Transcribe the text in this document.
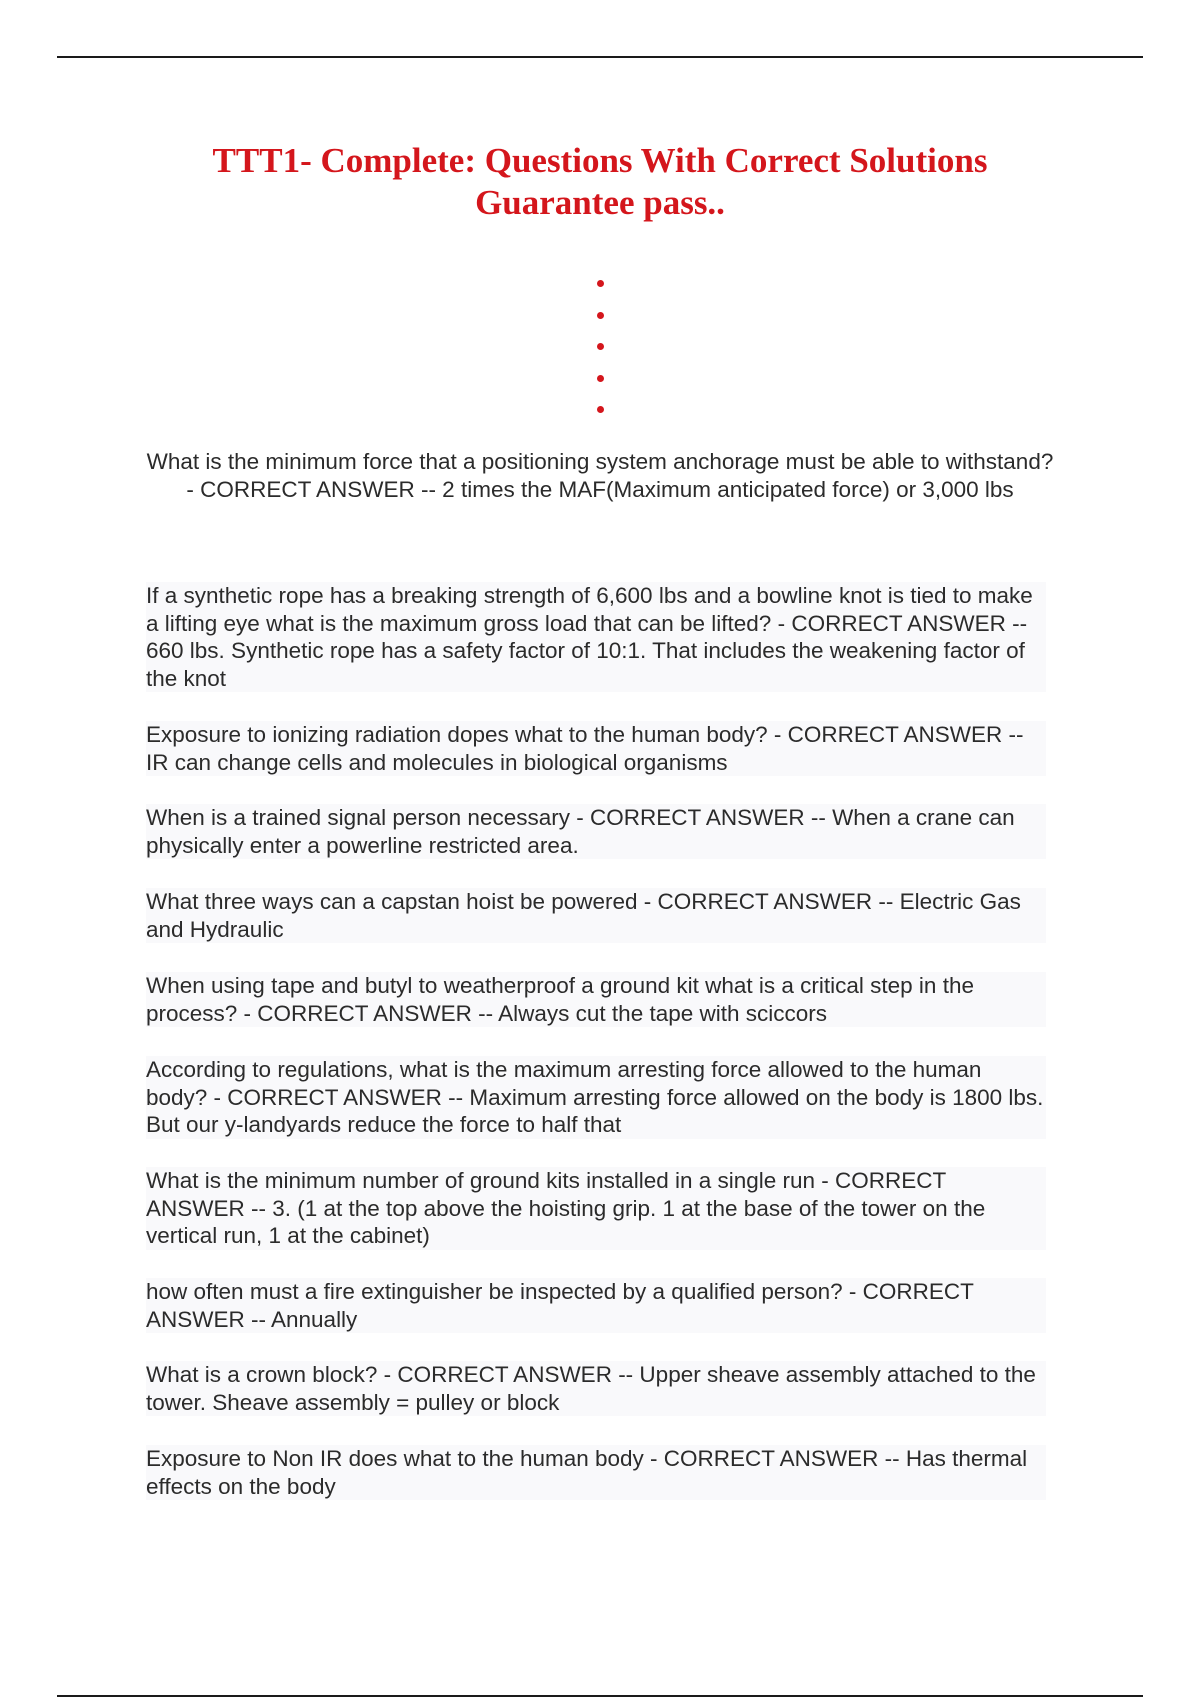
TTT1- Complete: Questions With Correct Solutions
Guarantee pass..

What is the minimum force that a positioning system anchorage must be able to withstand? - CORRECT ANSWER -- 2 times the MAF(Maximum anticipated force) or 3,000 lbs

If a synthetic rope has a breaking strength of 6,600 lbs and a bowline knot is tied to make a lifting eye what is the maximum gross load that can be lifted? - CORRECT ANSWER -- 660 lbs. Synthetic rope has a safety factor of 10:1. That includes the weakening factor of the knot

Exposure to ionizing radiation dopes what to the human body? - CORRECT ANSWER -- IR can change cells and molecules in biological organisms

When is a trained signal person necessary - CORRECT ANSWER -- When a crane can physically enter a powerline restricted area.

What three ways can a capstan hoist be powered - CORRECT ANSWER -- Electric Gas and Hydraulic

When using tape and butyl to weatherproof a ground kit what is a critical step in the process? - CORRECT ANSWER -- Always cut the tape with sciccors

According to regulations, what is the maximum arresting force allowed to the human body? - CORRECT ANSWER -- Maximum arresting force allowed on the body is 1800 lbs. But our y-landyards reduce the force to half that

What is the minimum number of ground kits installed in a single run - CORRECT ANSWER -- 3. (1 at the top above the hoisting grip. 1 at the base of the tower on the vertical run, 1 at the cabinet)

how often must a fire extinguisher be inspected by a qualified person? - CORRECT ANSWER -- Annually

What is a crown block? - CORRECT ANSWER -- Upper sheave assembly attached to the tower. Sheave assembly = pulley or block

Exposure to Non IR does what to the human body - CORRECT ANSWER -- Has thermal effects on the body
